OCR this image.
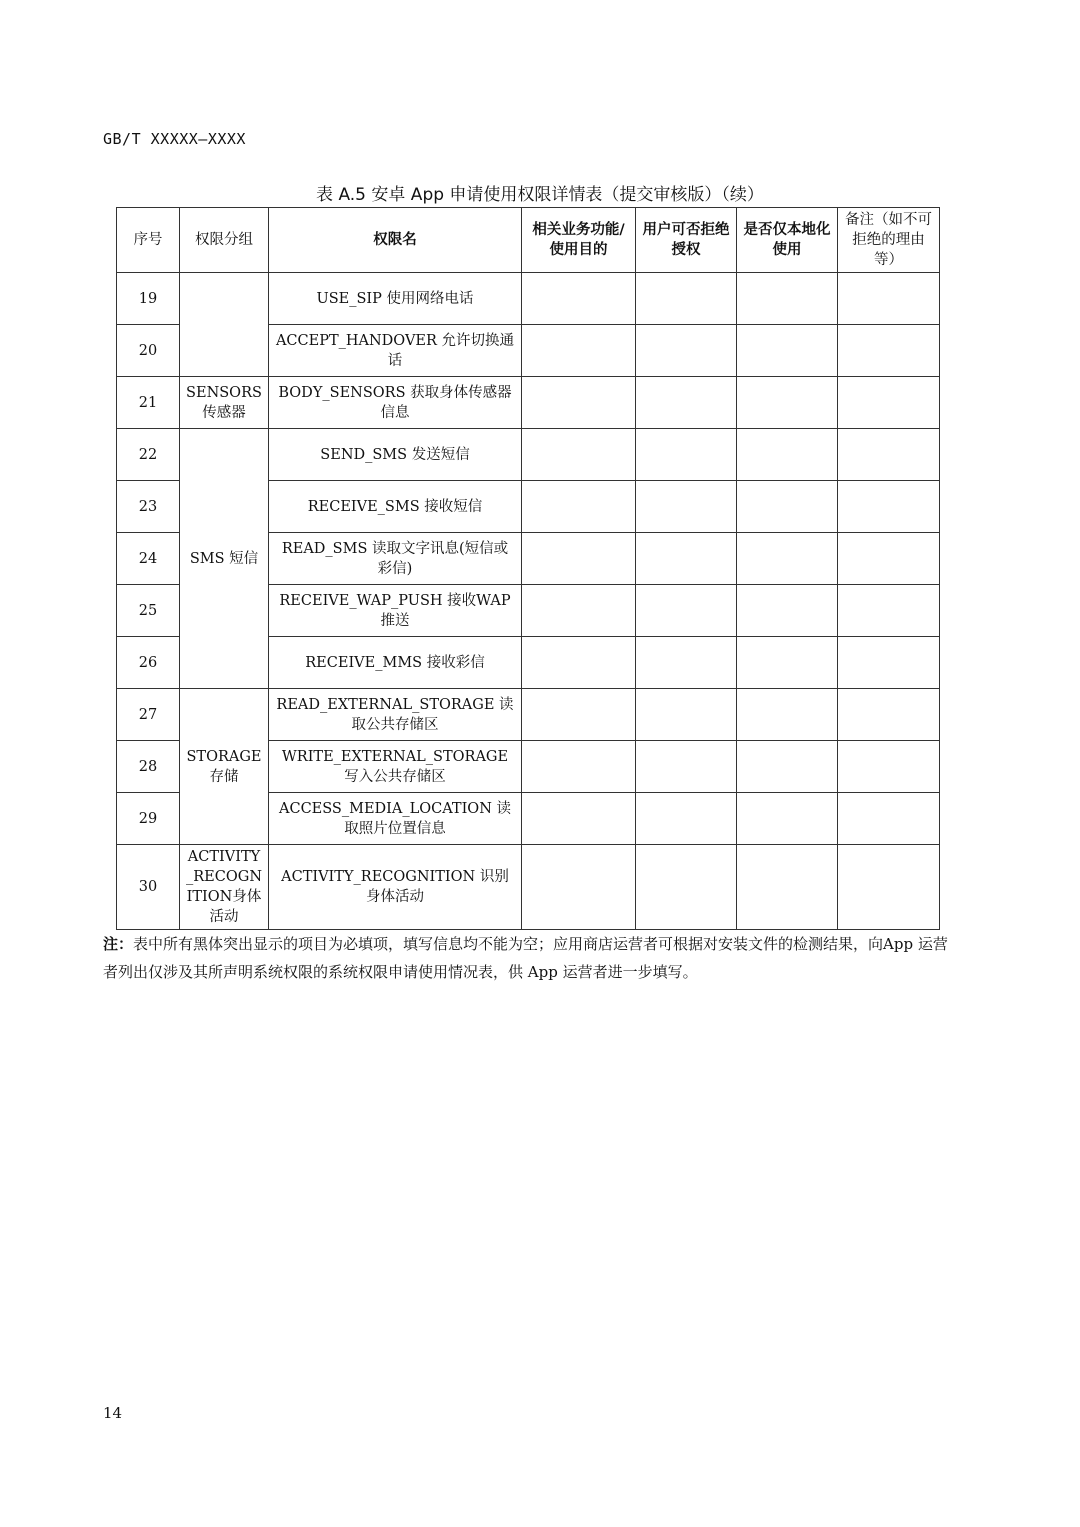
GB/T XXXXX—XXXX
表 A.5 安卓 App 申请使用权限详情表（提交审核版）（续）
序号	权限分组	权限名	相关业务功能/使用目的	用户可否拒绝授权	是否仅本地化使用	备注（如不可拒绝的理由等）
19		USE_SIP 使用网络电话				
20		ACCEPT_HANDOVER 允许切换通话				
21	SENSORS 传感器	BODY_SENSORS 获取身体传感器信息				
22	SMS 短信	SEND_SMS 发送短信				
23		RECEIVE_SMS 接收短信				
24		READ_SMS 读取文字讯息(短信或彩信)				
25		RECEIVE_WAP_PUSH 接收WAP 推送				
26		RECEIVE_MMS 接收彩信				
27	STORAGE 存储	READ_EXTERNAL_STORAGE 读取公共存储区				
28		WRITE_EXTERNAL_STORAGE 写入公共存储区				
29		ACCESS_MEDIA_LOCATION 读取照片位置信息				
30	ACTIVITY_RECOGNITION身体活动	ACTIVITY_RECOGNITION 识别身体活动				
注：表中所有黑体突出显示的项目为必填项，填写信息均不能为空；应用商店运营者可根据对安装文件的检测结果，向App 运营者列出仅涉及其所声明系统权限的系统权限申请使用情况表，供 App 运营者进一步填写。
14
